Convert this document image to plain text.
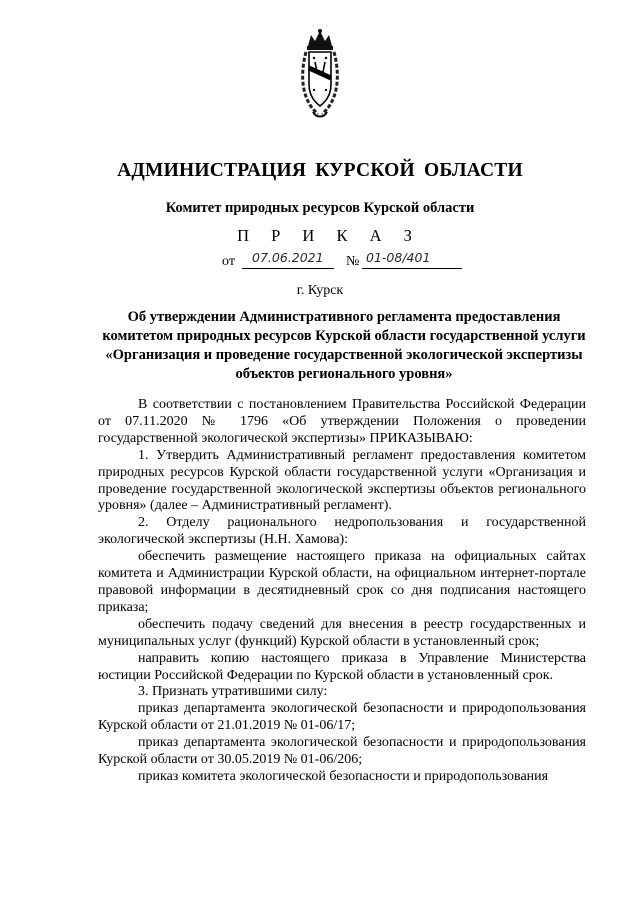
АДМИНИСТРАЦИЯ КУРСКОЙ ОБЛАСТИ
Комитет природных ресурсов Курской области
П Р И К А З
от 07.06.2021 № 01-08/401
г. Курск
Об утверждении Административного регламента предоставления комитетом природных ресурсов Курской области государственной услуги «Организация и проведение государственной экологической экспертизы объектов регионального уровня»

В соответствии с постановлением Правительства Российской Федерации от 07.11.2020 № 1796 «Об утверждении Положения о проведении государственной экологической экспертизы» ПРИКАЗЫВАЮ:

1. Утвердить Административный регламент предоставления комитетом природных ресурсов Курской области государственной услуги «Организация и проведение государственной экологической экспертизы объектов регионального уровня» (далее – Административный регламент).

2. Отделу рационального недропользования и государственной экологической экспертизы (Н.Н. Хамова):

обеспечить размещение настоящего приказа на официальных сайтах комитета и Администрации Курской области, на официальном интернет-портале правовой информации в десятидневный срок со дня подписания настоящего приказа;

обеспечить подачу сведений для внесения в реестр государственных и муниципальных услуг (функций) Курской области в установленный срок;

направить копию настоящего приказа в Управление Министерства юстиции Российской Федерации по Курской области в установленный срок.

3. Признать утратившими силу:

приказ департамента экологической безопасности и природопользования Курской области от 21.01.2019 № 01-06/17;

приказ департамента экологической безопасности и природопользования Курской области от 30.05.2019 № 01-06/206;

приказ комитета экологической безопасности и природопользования
